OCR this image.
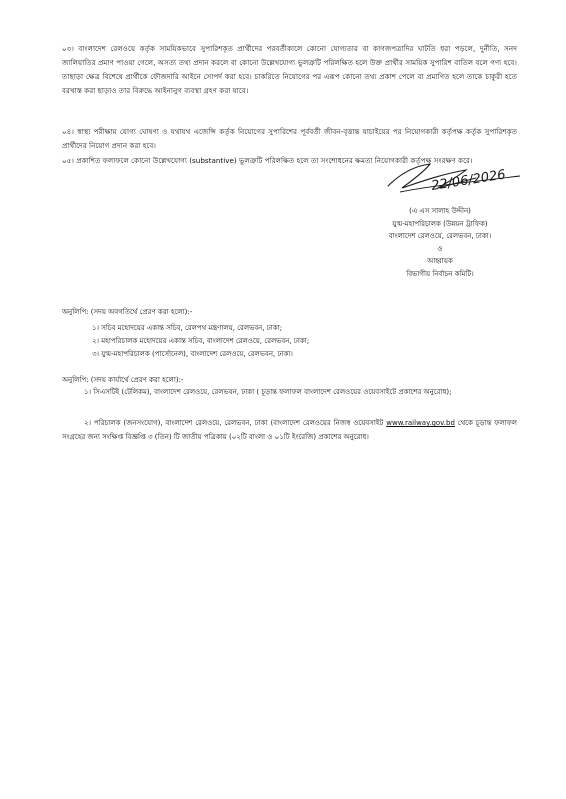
০৩। বাংলাদেশ রেলওয়ে কর্তৃক সাময়িকভাবে সুপারিশকৃত প্রার্থীদের পরবর্তীকালে কোনো যোগ্যতার বা কাগজপত্রাদির ঘাটতি ধরা পড়লে, দুর্নীতি, সনদ জালিয়াতির প্রমাণ পাওয়া গেলে, অসত্য তথ্য প্রদান করলে বা কোনো উল্লেখযোগ্য ভুলত্রুটি পরিলক্ষিত হলে উক্ত প্রার্থীর সাময়িক সুপারিশ বাতিল বলে গণ্য হবে। তাছাড়া ক্ষেত্র বিশেষে প্রার্থীকে ফৌজদারি আইনে সোপর্দ করা হবে। চাকরিতে নিয়োগের পর এরূপ কোনো তথ্য প্রকাশ পেলে বা প্রমাণিত হলে তাকে চাকুরী হতে বরখাস্ত করা ছাড়াও তার বিরুদ্ধে আইনানুগ ব্যবস্থা গ্রহণ করা যাবে।

০৪। স্বাস্থ্য পরীক্ষায় যোগ্য ঘোষণা ও যথাযথ এজেন্সি কর্তৃক নিয়োগের সুপারিশের পূর্ববর্তী জীবন-বৃত্তান্ত যাচাইয়ের পর নিয়োগকারী কর্তৃপক্ষ কর্তৃক সুপারিশকৃত প্রার্থীদের নিয়োগ প্রদান করা হবে।

০৫। প্রকাশিত ফলাফলে কোনো উল্লেখযোগ্য (substantive) ভুলত্রুটি পরিলক্ষিত হলে তা সংশোধনের ক্ষমতা নিয়োগকারী কর্তৃপক্ষ সংরক্ষণ করে।

22/06/2026
(এ এস সালাহ উদ্দীন)
যুগ্ম-মহাপরিচালক (উন্নয়ন ট্রাফিক)
বাংলাদেশ রেলওয়ে, রেলভবন, ঢাকা।
ও
আহ্বায়ক
বিভাগীয় নির্বাচন কমিটি।
অনুলিপি: (সদয় অবগতির্থে প্রেরণ করা হলো):-
১। সচিব মহোদয়ের একান্ত সচিব, রেলপথ মন্ত্রণালয়, রেলভবন, ঢাকা;
২। মহাপরিচালক মহোদয়ের একান্ত সচিব, বাংলাদেশ রেলওয়ে, রেলভবন, ঢাকা;
৩। যুগ্ম-মহাপরিচালক (পার্সোনেল), বাংলাদেশ রেলওয়ে, রেলভবন, ঢাকা।
অনুলিপি: (সদয় কার্যার্থে প্রেরণ করা হলো):-

১। সিএসটিই (টেলিকম), বাংলাদেশ রেলওয়ে, রেলভবন, ঢাকা ( চূড়ান্ত ফলাফল বাংলাদেশ রেলওয়ের ওয়েবসাইটে প্রকাশের অনুরোধ);

২। পরিচালক (জনসংযোগ), বাংলাদেশ রেলওয়ে, রেলভবন, ঢাকা (বাংলাদেশ রেলওয়ের নিজস্ব ওয়েবসাইট www.railway.gov.bd থেকে চূড়ান্ত ফলাফল সংগ্রহের জন্য সংক্ষিপ্ত বিজ্ঞপ্তি ৩ (তিন) টি জাতীয় পত্রিকায় (০২টি বাংলা ও ০১টি ইংরেজি) প্রকাশের অনুরোধ।
